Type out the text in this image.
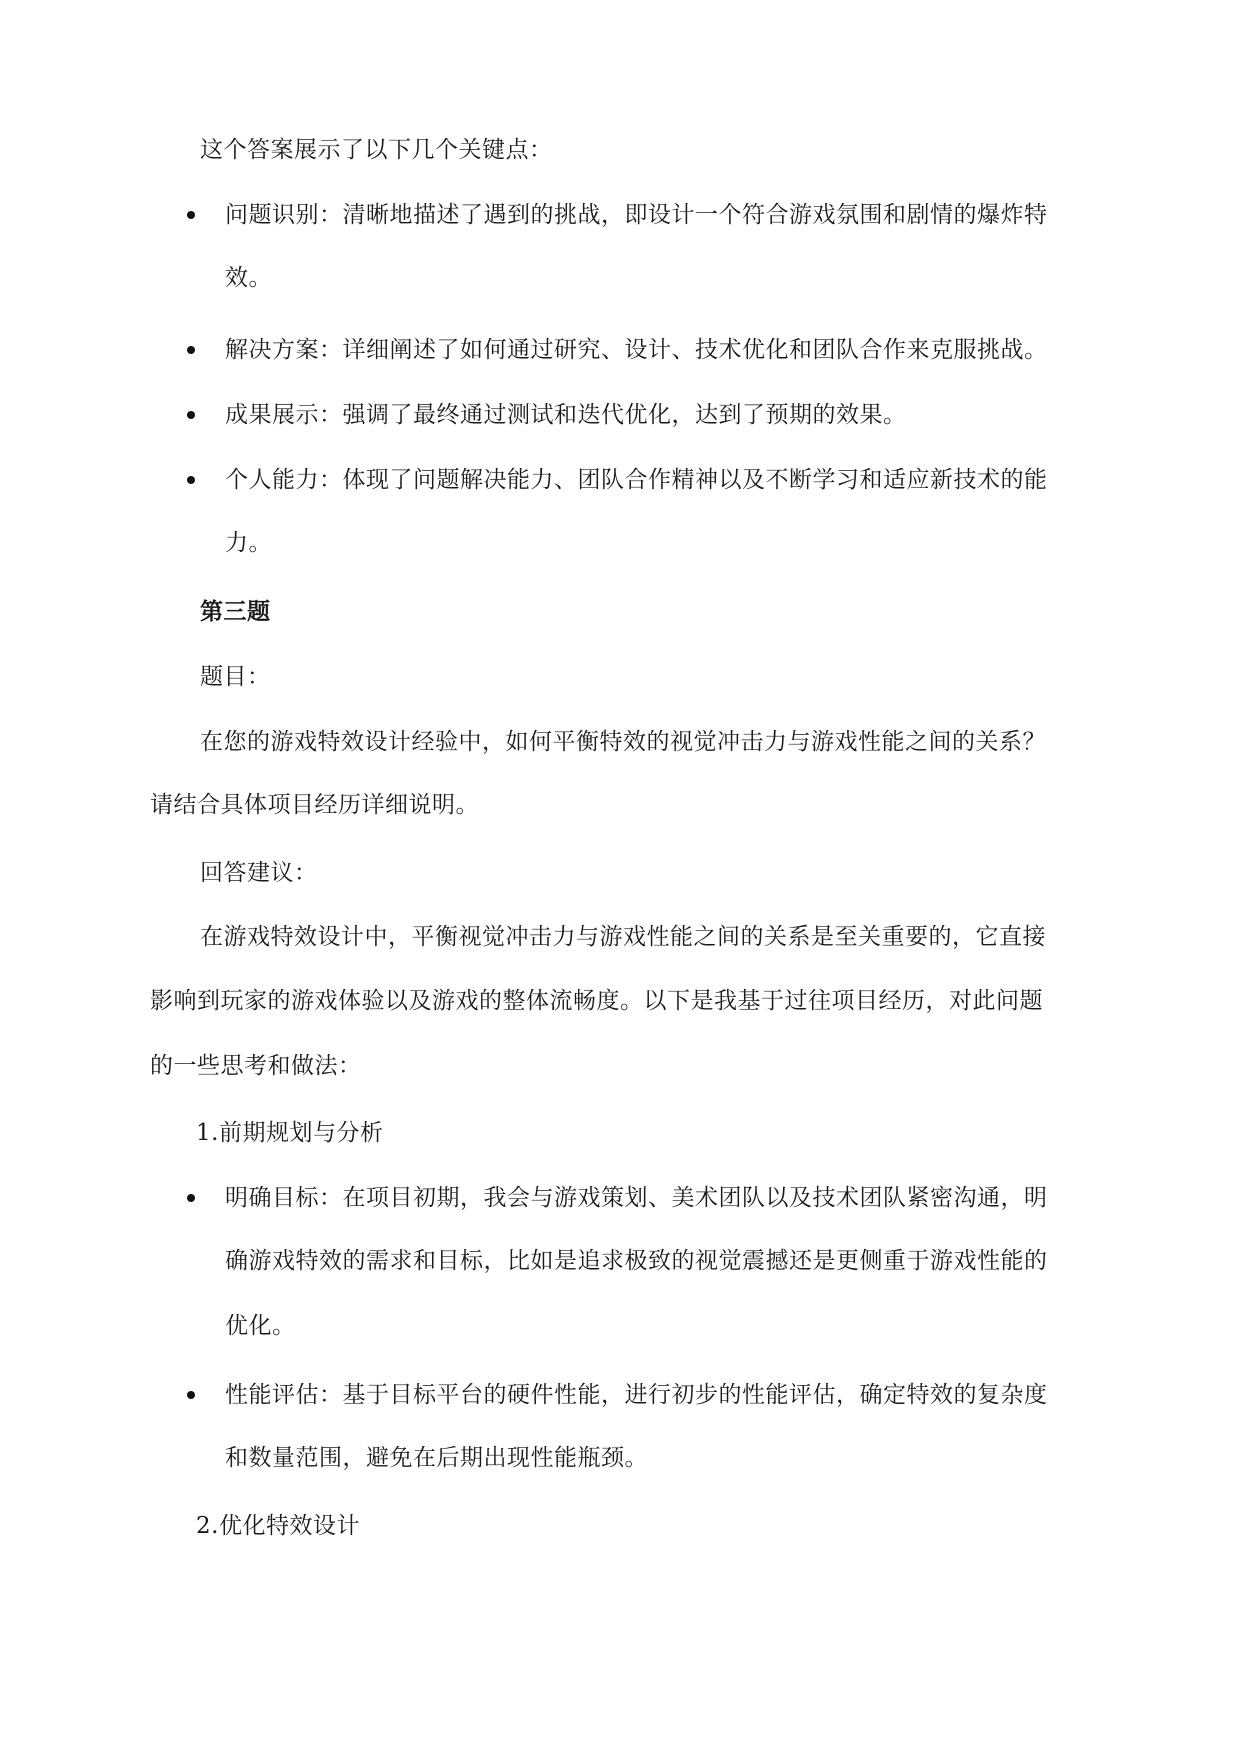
这个答案展示了以下几个关键点：
问题识别：清晰地描述了遇到的挑战，即设计一个符合游戏氛围和剧情的爆炸特
效。
解决方案：详细阐述了如何通过研究、设计、技术优化和团队合作来克服挑战。
成果展示：强调了最终通过测试和迭代优化，达到了预期的效果。
个人能力：体现了问题解决能力、团队合作精神以及不断学习和适应新技术的能
力。
第三题
题目：
在您的游戏特效设计经验中，如何平衡特效的视觉冲击力与游戏性能之间的关系？
请结合具体项目经历详细说明。
回答建议：
在游戏特效设计中，平衡视觉冲击力与游戏性能之间的关系是至关重要的，它直接
影响到玩家的游戏体验以及游戏的整体流畅度。以下是我基于过往项目经历，对此问题
的一些思考和做法：
1.前期规划与分析
明确目标：在项目初期，我会与游戏策划、美术团队以及技术团队紧密沟通，明
确游戏特效的需求和目标，比如是追求极致的视觉震撼还是更侧重于游戏性能的
优化。
性能评估：基于目标平台的硬件性能，进行初步的性能评估，确定特效的复杂度
和数量范围，避免在后期出现性能瓶颈。
2.优化特效设计
